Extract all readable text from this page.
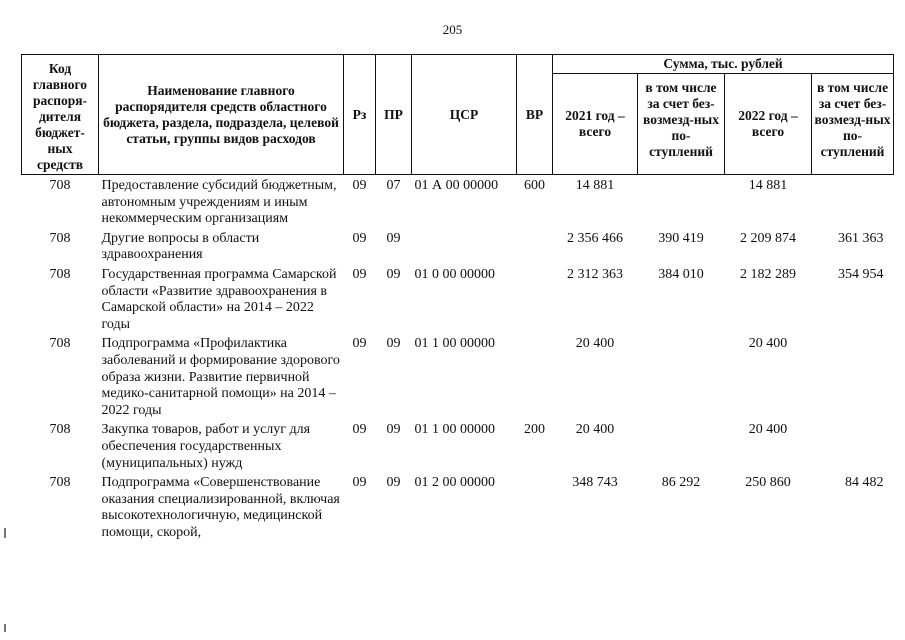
205
Код главного распоря-дителя бюджет-ных средств	Наименование главного распорядителя средств областного бюджета, раздела, подраздела, целевой статьи, группы видов расходов	Рз	ПР	ЦСР	ВР	Сумма, тыс. рублей			
						2021 год – всего	в том числе за счет без-возмезд-ных по-ступлений	2022 год – всего	в том числе за счет без-возмезд-ных по-ступлений
708	Предоставление субсидий бюджетным, автономным учреждениям и иным некоммерческим организациям	09	07	01 А 00 00000	600	14 881		14 881	
708	Другие вопросы в области здравоохранения	09	09			2 356 466	390 419	2 209 874	361 363
708	Государственная программа Самарской области «Развитие здравоохранения в Самарской области» на 2014 – 2022 годы	09	09	01 0 00 00000		2 312 363	384 010	2 182 289	354 954
708	Подпрограмма «Профилактика заболеваний и формирование здорового образа жизни. Развитие первичной медико-санитарной помощи» на 2014 – 2022 годы	09	09	01 1 00 00000		20 400		20 400	
708	Закупка товаров, работ и услуг для обеспечения государственных (муниципальных) нужд	09	09	01 1 00 00000	200	20 400		20 400	
708	Подпрограмма «Совершенствование оказания специализированной, включая высокотехнологичную, медицинской помощи, скорой,	09	09	01 2 00 00000		348 743	86 292	250 860	84 482
